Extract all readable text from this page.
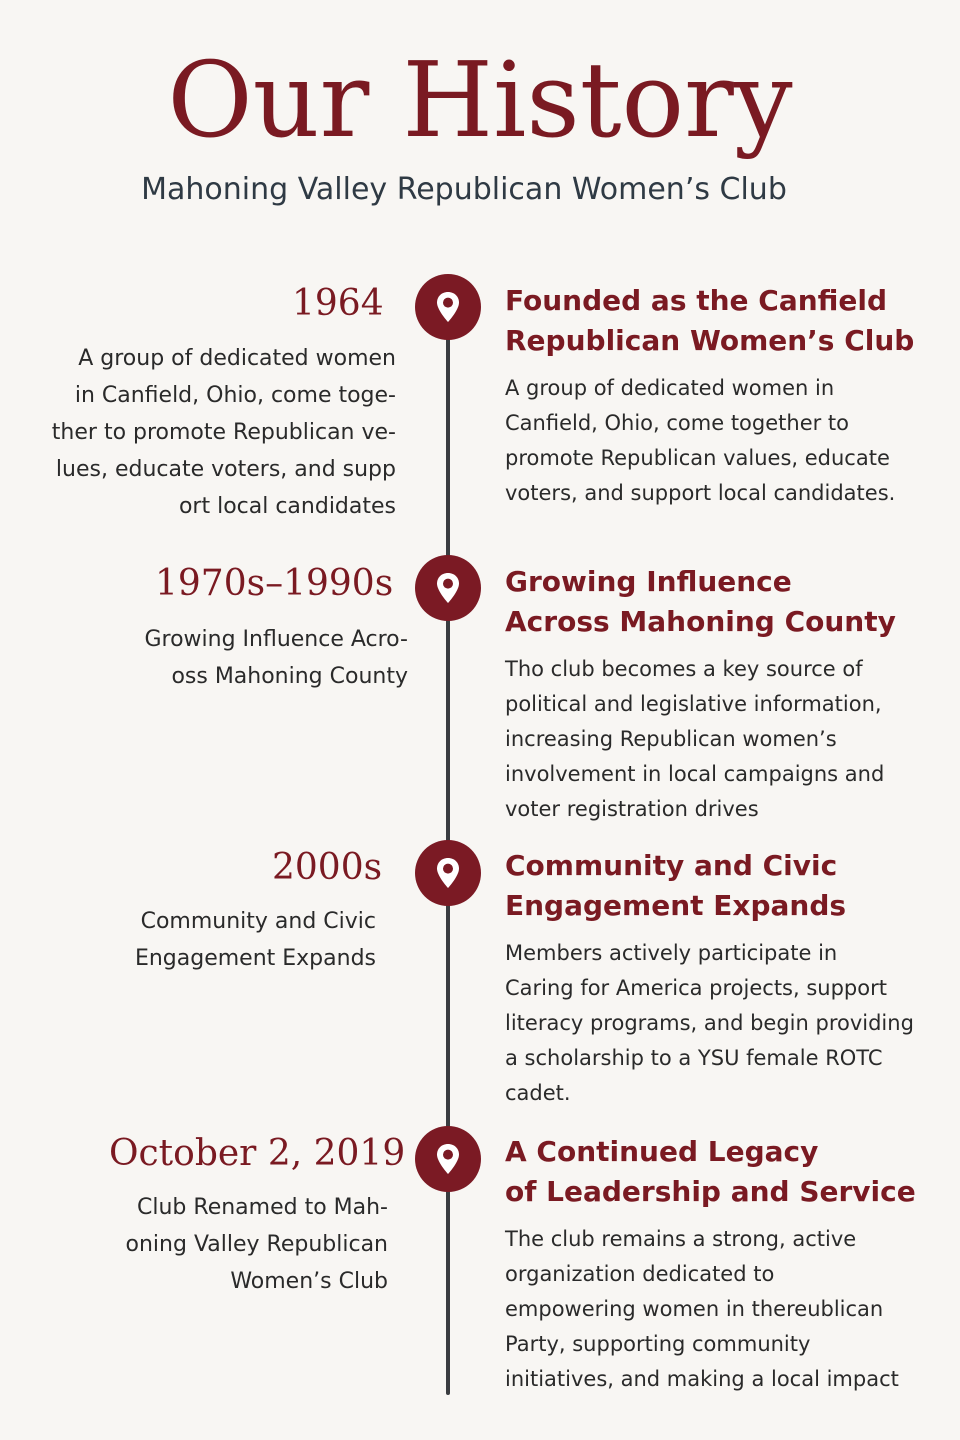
Our History
Mahoning Valley Republican Women’s Club
1964
A group of dedicated women
in Canfield, Ohio, come toge-
ther to promote Republican ve-
lues, educate voters, and supp
ort local candidates
Founded as the Canfield
Republican Women’s Club
A group of dedicated women in
Canfield, Ohio, come together to
promote Republican values, educate
voters, and support local candidates.
1970s–1990s
Growing Influence Acro-
oss Mahoning County
Growing Influence
Across Mahoning County
Tho club becomes a key source of
political and legislative information,
increasing Republican women’s
involvement in local campaigns and
voter registration drives
2000s
Community and Civic
Engagement Expands
Community and Civic
Engagement Expands
Members actively participate in
Caring for America projects, support
literacy programs, and begin providing
a scholarship to a YSU female ROTC
cadet.
October 2, 2019
Club Renamed to Mah-
oning Valley Republican
Women’s Club
A Continued Legacy
of Leadership and Service
The club remains a strong, active
organization dedicated to
empowering women in thereublican
Party, supporting community
initiatives, and making a local impact
